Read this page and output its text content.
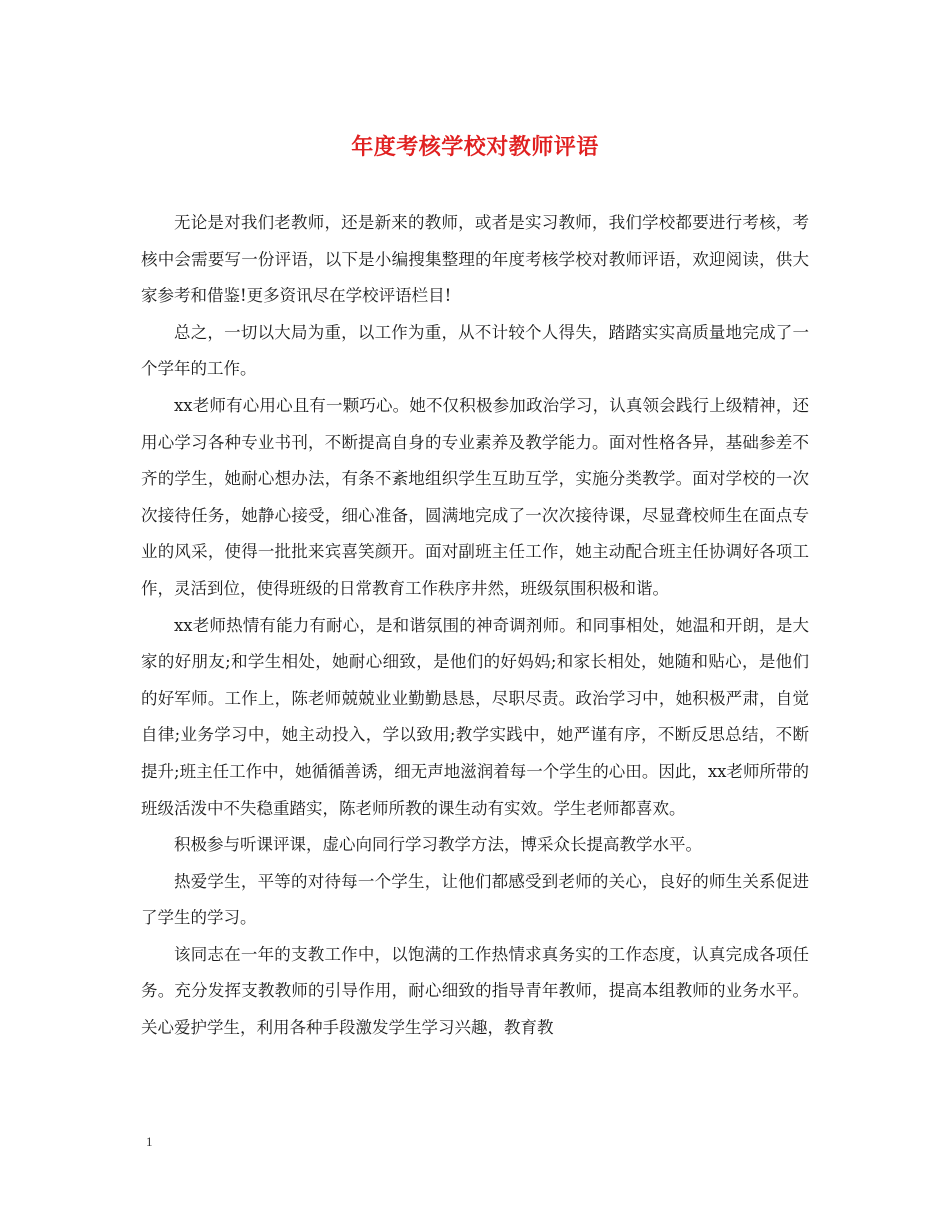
年度考核学校对教师评语

无论是对我们老教师，还是新来的教师，或者是实习教师，我们学校都要进行考核，考核中会需要写一份评语，以下是小编搜集整理的年度考核学校对教师评语，欢迎阅读，供大家参考和借鉴!更多资讯尽在学校评语栏目!

总之，一切以大局为重，以工作为重，从不计较个人得失，踏踏实实高质量地完成了一个学年的工作。

xx老师有心用心且有一颗巧心。她不仅积极参加政治学习，认真领会践行上级精神，还用心学习各种专业书刊，不断提高自身的专业素养及教学能力。面对性格各异，基础参差不齐的学生，她耐心想办法，有条不紊地组织学生互助互学，实施分类教学。面对学校的一次次接待任务，她静心接受，细心准备，圆满地完成了一次次接待课，尽显聋校师生在面点专业的风采，使得一批批来宾喜笑颜开。面对副班主任工作，她主动配合班主任协调好各项工作，灵活到位，使得班级的日常教育工作秩序井然，班级氛围积极和谐。

xx老师热情有能力有耐心，是和谐氛围的神奇调剂师。和同事相处，她温和开朗，是大家的好朋友;和学生相处，她耐心细致，是他们的好妈妈;和家长相处，她随和贴心，是他们的好军师。工作上，陈老师兢兢业业勤勤恳恳，尽职尽责。政治学习中，她积极严肃，自觉自律;业务学习中，她主动投入，学以致用;教学实践中，她严谨有序，不断反思总结，不断提升;班主任工作中，她循循善诱，细无声地滋润着每一个学生的心田。因此，xx老师所带的班级活泼中不失稳重踏实，陈老师所教的课生动有实效。学生老师都喜欢。

积极参与听课评课，虚心向同行学习教学方法，博采众长提高教学水平。

热爱学生，平等的对待每一个学生，让他们都感受到老师的关心，良好的师生关系促进了学生的学习。

该同志在一年的支教工作中，以饱满的工作热情求真务实的工作态度，认真完成各项任务。充分发挥支教教师的引导作用，耐心细致的指导青年教师，提高本组教师的业务水平。关心爱护学生，利用各种手段激发学生学习兴趣，教育教

1
